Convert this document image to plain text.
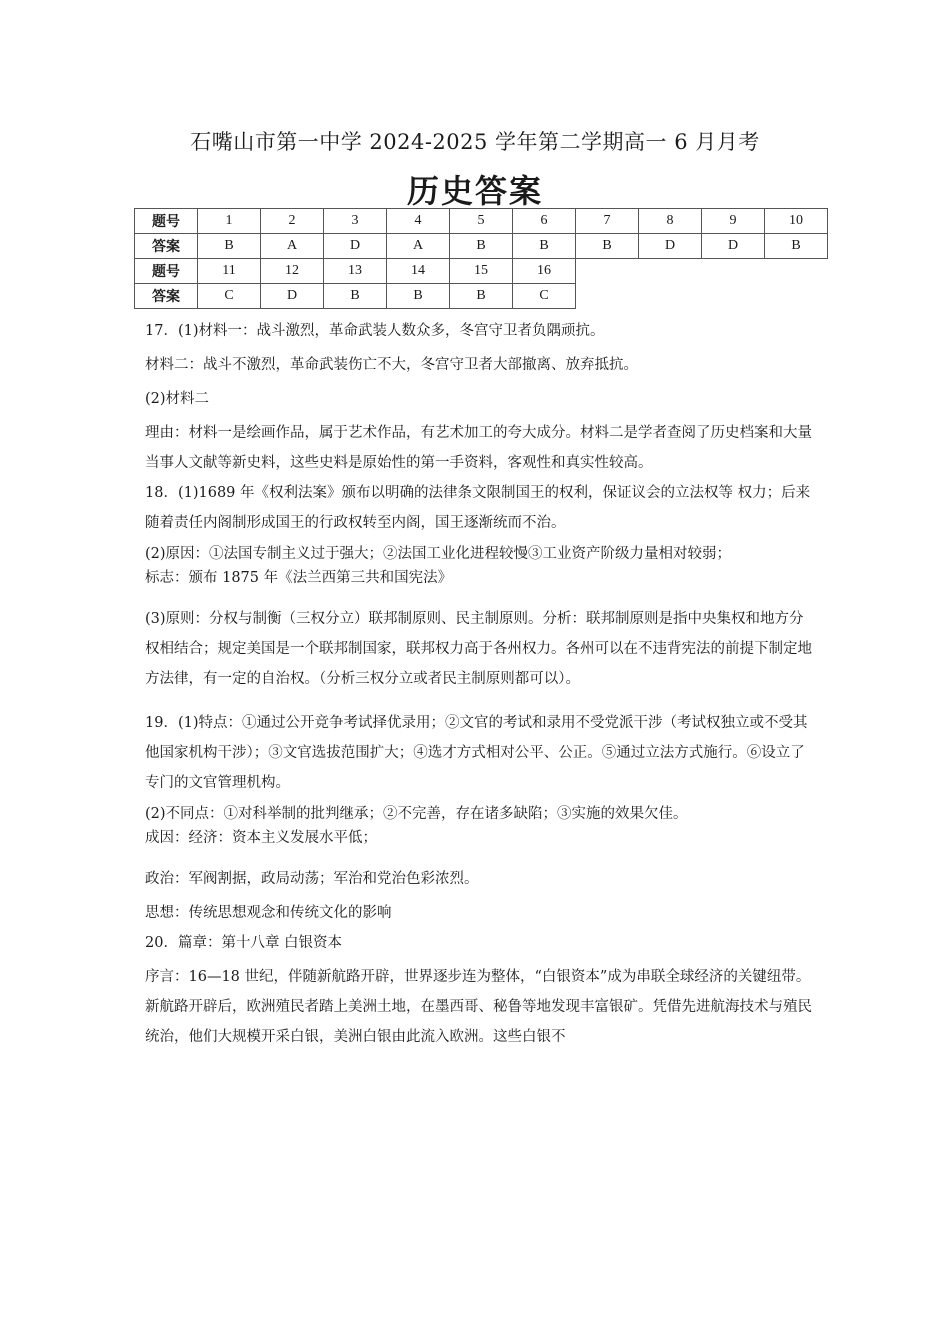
石嘴山市第一中学 2024-2025 学年第二学期高一 6 月月考
历史答案
题号	1	2	3	4	5	6	7	8	9	10
答案	B	A	D	A	B	B	B	D	D	B
题号	11	12	13	14	15	16				
答案	C	D	B	B	B	C				

17．(1)材料一：战斗激烈，革命武装人数众多，冬宫守卫者负隅顽抗。

材料二：战斗不激烈，革命武装伤亡不大，冬宫守卫者大部撤离、放弃抵抗。

(2)材料二

理由：材料一是绘画作品，属于艺术作品，有艺术加工的夸大成分。材料二是学者查阅了历史档案和大量当事人文献等新史料，这些史料是原始性的第一手资料，客观性和真实性较高。

18．(1)1689 年《权利法案》颁布以明确的法律条文限制国王的权利，保证议会的立法权等 权力；后来随着责任内阁制形成国王的行政权转至内阁，国王逐渐统而不治。

(2)原因：①法国专制主义过于强大；②法国工业化进程较慢③工业资产阶级力量相对较弱；

标志：颁布 1875 年《法兰西第三共和国宪法》

(3)原则：分权与制衡（三权分立）联邦制原则、民主制原则。分析：联邦制原则是指中央集权和地方分权相结合；规定美国是一个联邦制国家，联邦权力高于各州权力。各州可以在不违背宪法的前提下制定地方法律，有一定的自治权。（分析三权分立或者民主制原则都可以）。

19．(1)特点：①通过公开竞争考试择优录用；②文官的考试和录用不受党派干涉（考试权独立或不受其他国家机构干涉）；③文官选拔范围扩大；④选才方式相对公平、公正。⑤通过立法方式施行。⑥设立了专门的文官管理机构。

(2)不同点：①对科举制的批判继承；②不完善，存在诸多缺陷；③实施的效果欠佳。

成因：经济：资本主义发展水平低；

政治：军阀割据，政局动荡；军治和党治色彩浓烈。

思想：传统思想观念和传统文化的影响

20．篇章：第十八章 白银资本

序言：16—18 世纪，伴随新航路开辟，世界逐步连为整体，“白银资本”成为串联全球经济的关键纽带。新航路开辟后，欧洲殖民者踏上美洲土地，在墨西哥、秘鲁等地发现丰富银矿。凭借先进航海技术与殖民统治，他们大规模开采白银，美洲白银由此流入欧洲。这些白银不
